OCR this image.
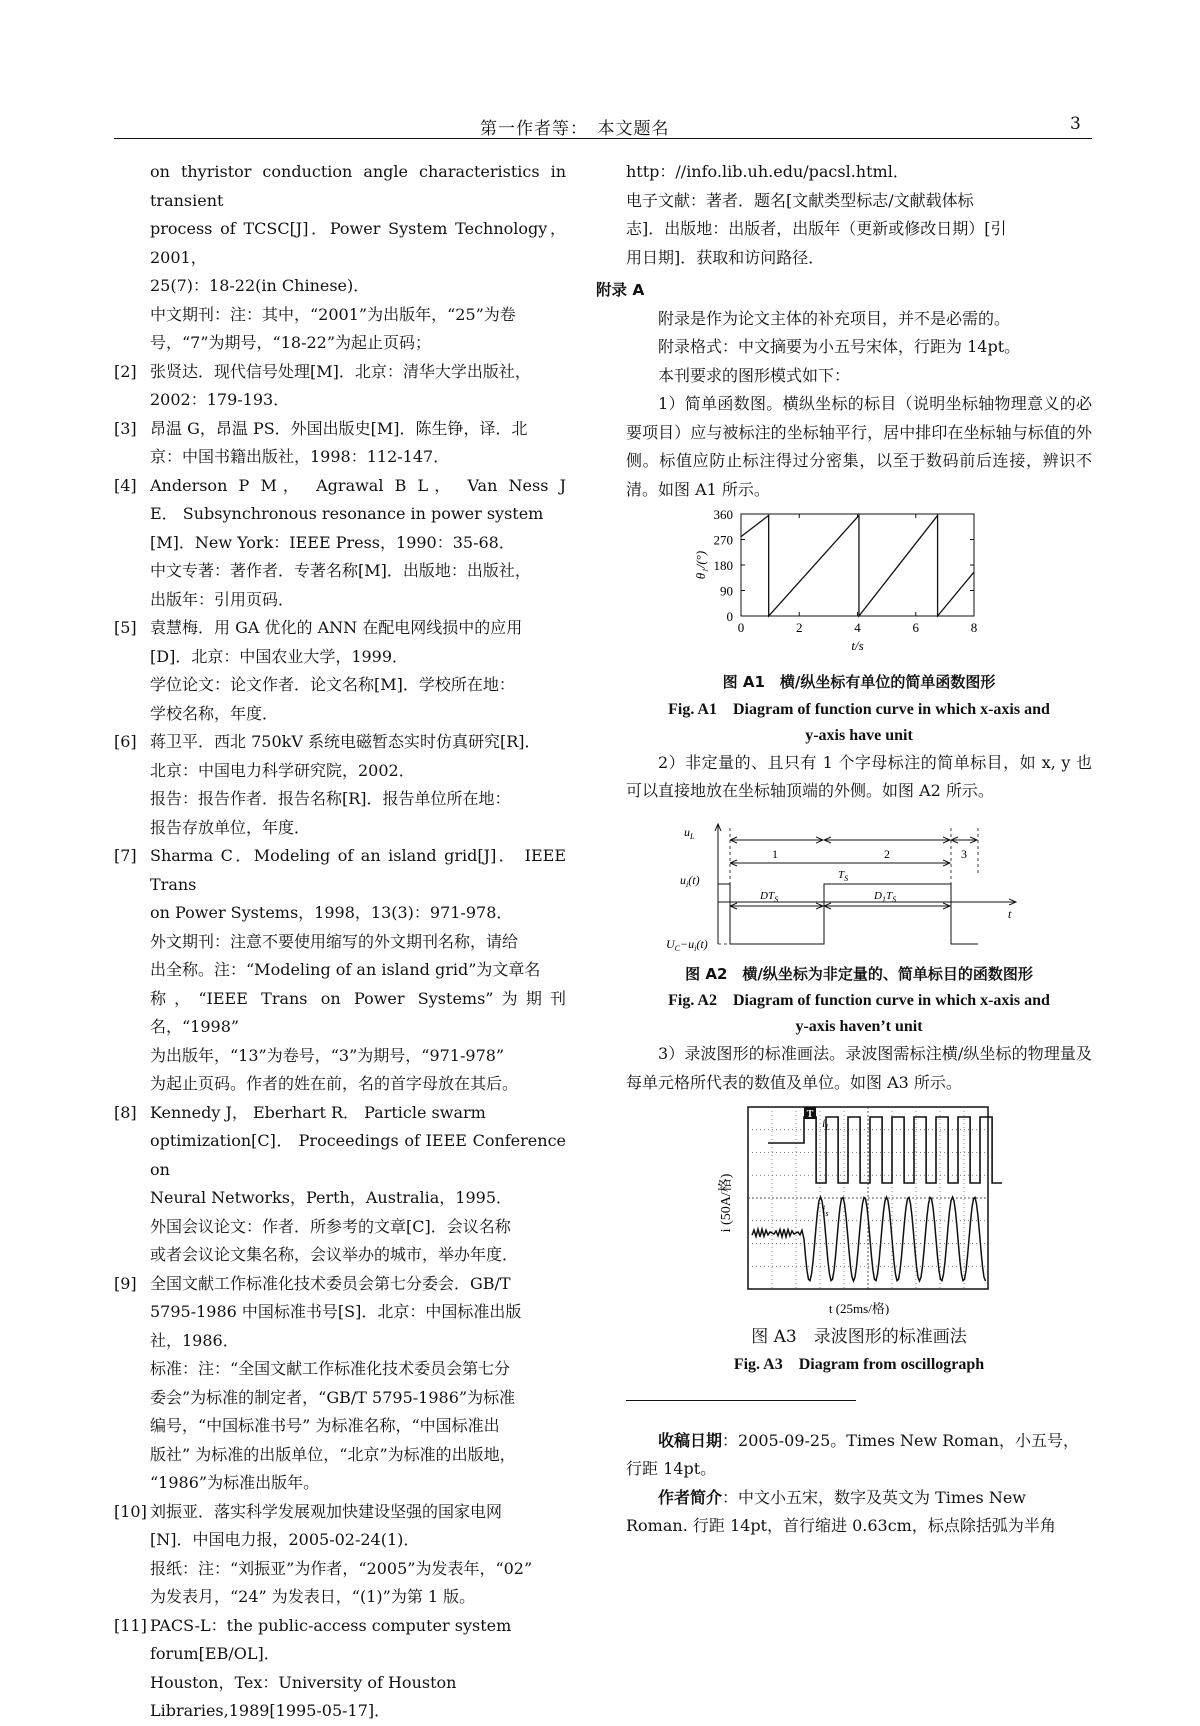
第一作者等：　本文题名	3
on thyristor conduction angle characteristics in transient
process of TCSC[J]．Power System Technology，2001，
25(7)：18-22(in Chinese)．
中文期刊：注：其中，“2001”为出版年，“25”为卷
号，“7”为期号，“18-22”为起止页码；
[2] 张贤达．现代信号处理[M]．北京：清华大学出版社，
2002：179-193．
[3] 昂温 G，昂温 PS．外国出版史[M]．陈生铮，译．北
京：中国书籍出版社，1998：112-147．
[4] Anderson P M， Agrawal B L， Van Ness J
E． Subsynchronous resonance in power system
[M]．New York：IEEE Press，1990：35-68．
中文专著：著作者．专著名称[M]．出版地：出版社，
出版年：引用页码．
[5] 袁慧梅．用 GA 优化的 ANN 在配电网线损中的应用
[D]．北京：中国农业大学，1999．
学位论文：论文作者．论文名称[M]．学校所在地：
学校名称，年度．
[6] 蒋卫平．西北 750kV 系统电磁暂态实时仿真研究[R]．
北京：中国电力科学研究院，2002．
报告：报告作者．报告名称[R]．报告单位所在地：
报告存放单位，年度．
[7] Sharma C．Modeling of an island grid[J]． IEEE Trans
on Power Systems，1998，13(3)：971-978．
外文期刊：注意不要使用缩写的外文期刊名称，请给
出全称。注：“Modeling of an island grid”为文章名
称，“IEEE Trans on Power Systems”为期刊名，“1998”
为出版年，“13”为卷号，“3”为期号，“971-978”
为起止页码。作者的姓在前，名的首字母放在其后。
[8] Kennedy J， Eberhart R． Particle swarm
optimization[C]． Proceedings of IEEE Conference on
Neural Networks，Perth，Australia，1995．
外国会议论文：作者．所参考的文章[C]．会议名称
或者会议论文集名称，会议举办的城市，举办年度．
[9] 全国文献工作标准化技术委员会第七分委会．GB/T
5795-1986 中国标准书号[S]．北京：中国标准出版
社，1986．
标准：注：“全国文献工作标准化技术委员会第七分
委会”为标准的制定者，“GB/T 5795-1986”为标准
编号，“中国标准书号” 为标准名称，“中国标准出
版社” 为标准的出版单位，“北京”为标准的出版地，
“1986”为标准出版年。
[10] 刘振亚．落实科学发展观加快建设坚强的国家电网
[N]．中国电力报，2005-02-24(1)．
报纸：注：“刘振亚”为作者，“2005”为发表年，“02”
为发表月，“24” 为发表日，“(1)”为第 1 版。
[11] PACS-L：the public-access computer system
forum[EB/OL]．
Houston，Tex：University of Houston
Libraries,1989[1995-05-17]．
http：//info.lib.uh.edu/pacsl.html．
电子文献：著者．题名[文献类型标志/文献载体标
志]．出版地：出版者，出版年（更新或修改日期）[引
用日期]．获取和访问路径．
附录 A
附录是作为论文主体的补充项目，并不是必需的。
附录格式：中文摘要为小五号宋体，行距为 14pt。
本刊要求的图形模式如下：
1）简单函数图。横纵坐标的标目（说明坐标轴物理意义的必要项目）应与被标注的坐标轴平行，居中排印在坐标轴与标值的外侧。标值应防止标注得过分密集，以至于数码前后连接，辨识不清。如图 A1 所示。
0	2	4	6	8
0
90
180
270
360
t/s
θ₁/(°)
图 A1　横/纵坐标有单位的简单函数图形
Fig. A1　Diagram of function curve in which x-axis and
y-axis have unit
2）非定量的、且只有 1 个字母标注的简单标目，如 x, y 也可以直接地放在坐标轴顶端的外侧。如图 A2 所示。
$u_L$
$u_i(t)$
$U_C-u_i(t)$
t
1	2	3
$T_S$
$DT_S$	$D_1T_S$
图 A2　横/纵坐标为非定量的、简单标目的函数图形
Fig. A2　Diagram of function curve in which x-axis and
y-axis haven’t unit
3）录波图形的标准画法。录波图需标注横/纵坐标的物理量及每单元格所代表的数值及单位。如图 A3 所示。
i (50A/格)
t (25ms/格)
T
$i_L$
$i_s$
图 A3　录波图形的标准画法
Fig. A3　Diagram from oscillograph
收稿日期：2005-09-25。Times New Roman，小五号，
行距 14pt。
作者简介：中文小五宋，数字及英文为 Times New
Roman. 行距 14pt，首行缩进 0.63cm，标点除括弧为半角
